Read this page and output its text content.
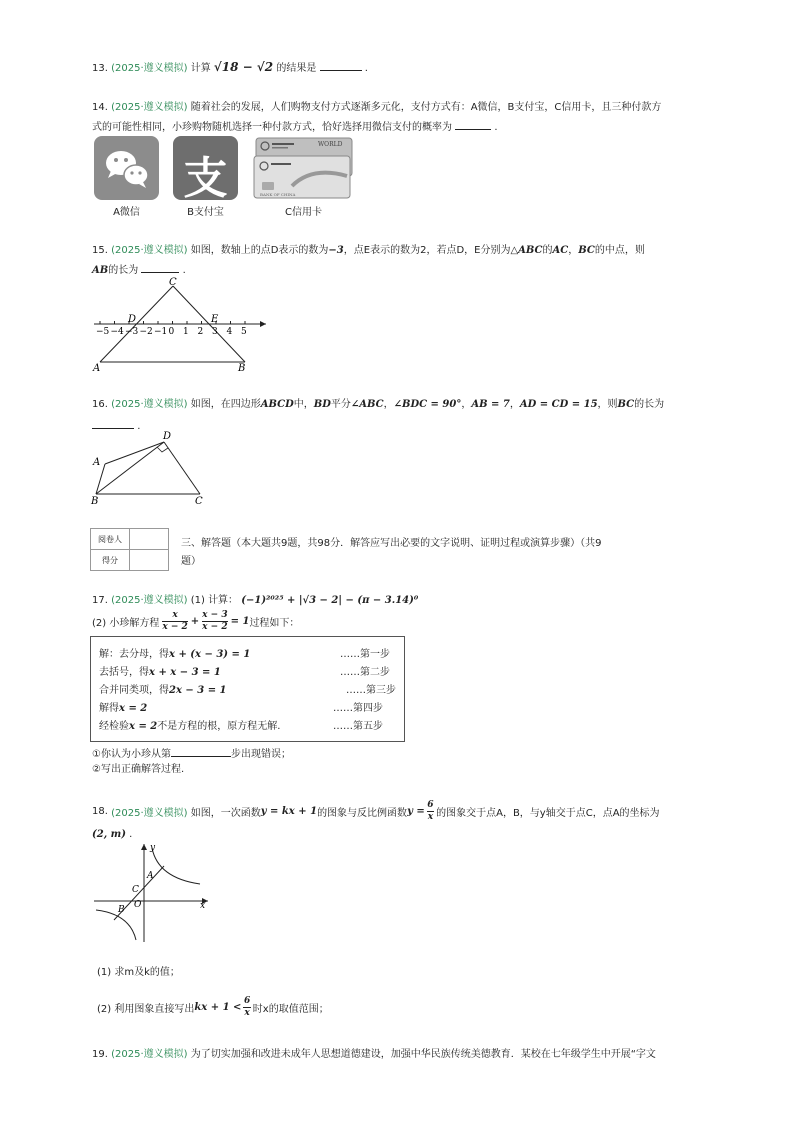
13. (2025·遵义模拟) 计算 √18 − √2 的结果是	.
14. (2025·遵义模拟) 随着社会的发展，人们购物支付方式逐渐多元化，支付方式有：A微信，B支付宝，C信用卡，且三种付款方
式的可能性相同，小珍购物随机选择一种付款方式，恰好选择用微信支付的概率为	.
A微信
支
B支付宝
WORLD
BANK OF CHINA
C信用卡
15. (2025·遵义模拟) 如图，数轴上的点D表示的数为−3，点E表示的数为2，若点D，E分别为△ABC的AC，BC的中点，则
AB的长为	.
−5 −4 −3 −2 −1 0 1 2 3 4 5
C
D	E
A	B
16. (2025·遵义模拟) 如图，在四边形ABCD中，BD平分∠ABC，∠BDC = 90°，AB = 7，AD = CD = 15，则BC的长为
.
D
A
B	C
阅卷人	
得分	
三、解答题（本大题共9题，共98分．解答应写出必要的文字说明、证明过程或演算步骤）（共9
题）
17. (2025·遵义模拟) (1) 计算： (−1)²⁰²⁵ + |√3 − 2| − (π − 3.14)⁰
(2) 小珍解方程 $\frac{x}{x - 2} + \frac{x - 3}{x - 2} = 1$ 过程如下：
解：去分母，得x + (x − 3) = 1	……第一步
去括号，得x + x − 3 = 1	……第二步
合并同类项，得2x − 3 = 1	……第三步
解得x = 2	……第四步
经检验x = 2不是方程的根，原方程无解.	……第五步
①你认为小珍从第	步出现错误；
②写出正确解答过程.
18.
(2025·遵义模拟)
如图，一次函数 y = kx + 1 的图象与反比例函数 $y = \frac{6}{x}$ 的图象交于点A，B，与y轴交于点C，点A的坐标为
(2, m) .
y
A
C
O
B	x
(1) 求m及k的值；
(2) 利用图象直接写出 kx + $1 < \frac{6}{x}$ 时x的取值范围；
19. (2025·遵义模拟) 为了切实加强和改进未成年人思想道德建设，加强中华民族传统美德教育．某校在七年级学生中开展“字文
